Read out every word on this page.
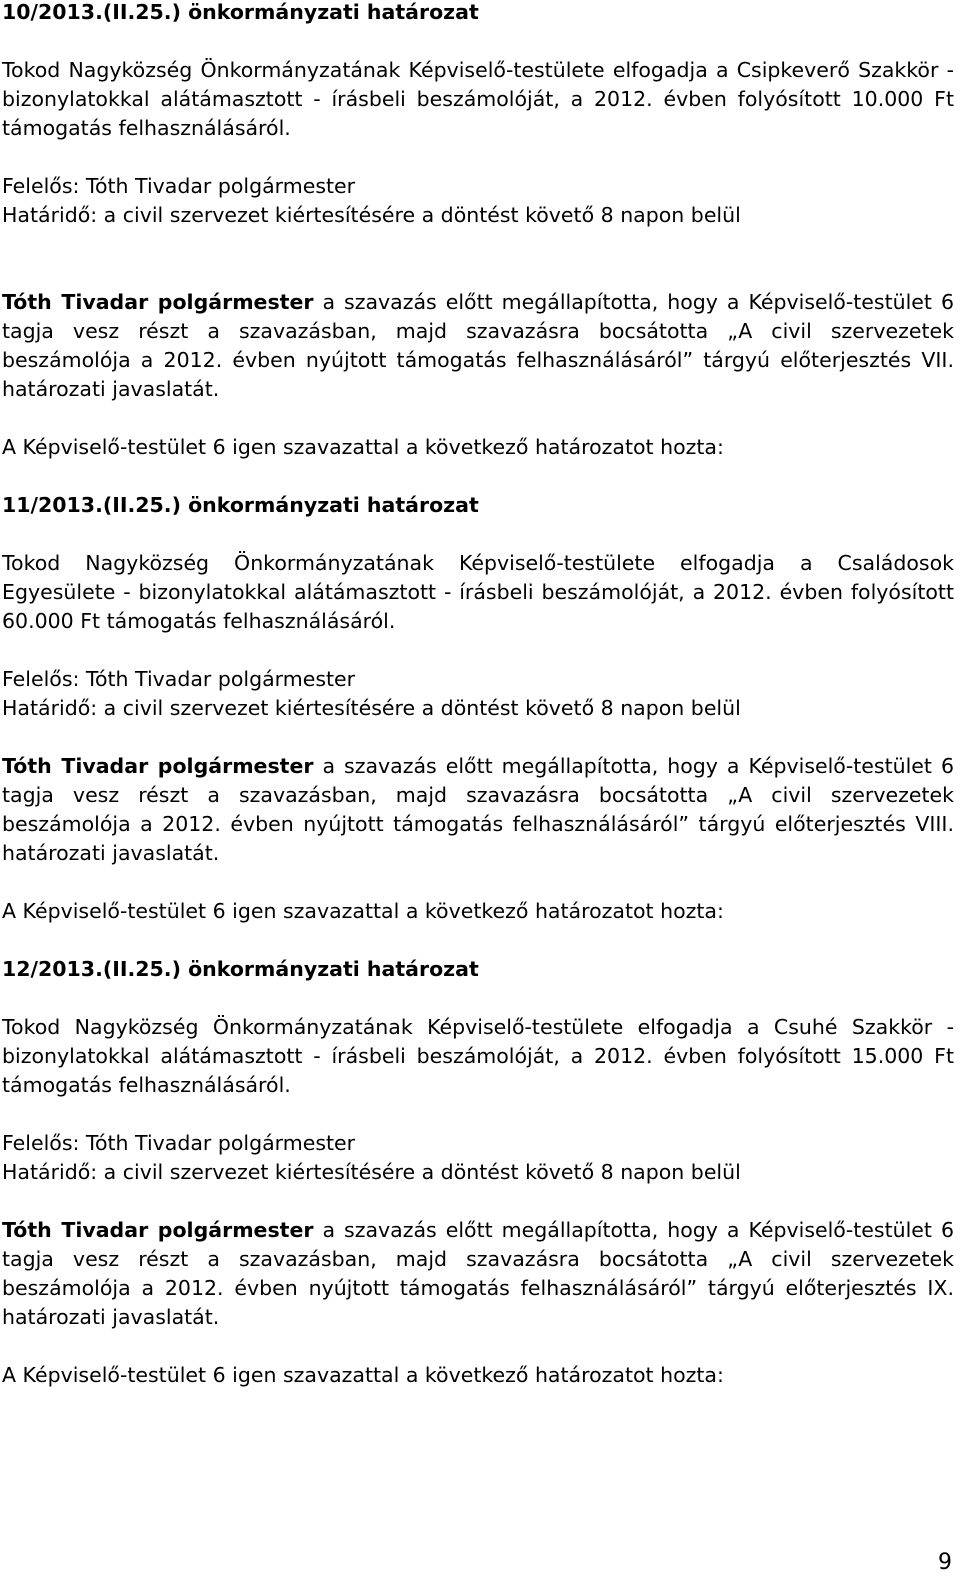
10/2013.(II.25.) önkormányzati határozat

Tokod Nagyközség Önkormányzatának Képviselő-testülete elfogadja a Csipkeverő Szakkör - bizonylatokkal alátámasztott - írásbeli beszámolóját, a 2012. évben folyósított 10.000 Ft támogatás felhasználásáról.

Felelős: Tóth Tivadar polgármester

Határidő: a civil szervezet kiértesítésére a döntést követő 8 napon belül

Tóth Tivadar polgármester a szavazás előtt megállapította, hogy a Képviselő-testület 6 tagja vesz részt a szavazásban, majd szavazásra bocsátotta „A civil szervezetek beszámolója a 2012. évben nyújtott támogatás felhasználásáról” tárgyú előterjesztés VII. határozati javaslatát.

A Képviselő-testület 6 igen szavazattal a következő határozatot hozta:

11/2013.(II.25.) önkormányzati határozat

Tokod Nagyközség Önkormányzatának Képviselő-testülete elfogadja a Családosok Egyesülete - bizonylatokkal alátámasztott - írásbeli beszámolóját, a 2012. évben folyósított 60.000 Ft támogatás felhasználásáról.

Felelős: Tóth Tivadar polgármester

Határidő: a civil szervezet kiértesítésére a döntést követő 8 napon belül

Tóth Tivadar polgármester a szavazás előtt megállapította, hogy a Képviselő-testület 6 tagja vesz részt a szavazásban, majd szavazásra bocsátotta „A civil szervezetek beszámolója a 2012. évben nyújtott támogatás felhasználásáról” tárgyú előterjesztés VIII. határozati javaslatát.

A Képviselő-testület 6 igen szavazattal a következő határozatot hozta:

12/2013.(II.25.) önkormányzati határozat

Tokod Nagyközség Önkormányzatának Képviselő-testülete elfogadja a Csuhé Szakkör - bizonylatokkal alátámasztott - írásbeli beszámolóját, a 2012. évben folyósított 15.000 Ft támogatás felhasználásáról.

Felelős: Tóth Tivadar polgármester

Határidő: a civil szervezet kiértesítésére a döntést követő 8 napon belül

Tóth Tivadar polgármester a szavazás előtt megállapította, hogy a Képviselő-testület 6 tagja vesz részt a szavazásban, majd szavazásra bocsátotta „A civil szervezetek beszámolója a 2012. évben nyújtott támogatás felhasználásáról” tárgyú előterjesztés IX. határozati javaslatát.

A Képviselő-testület 6 igen szavazattal a következő határozatot hozta:

9
